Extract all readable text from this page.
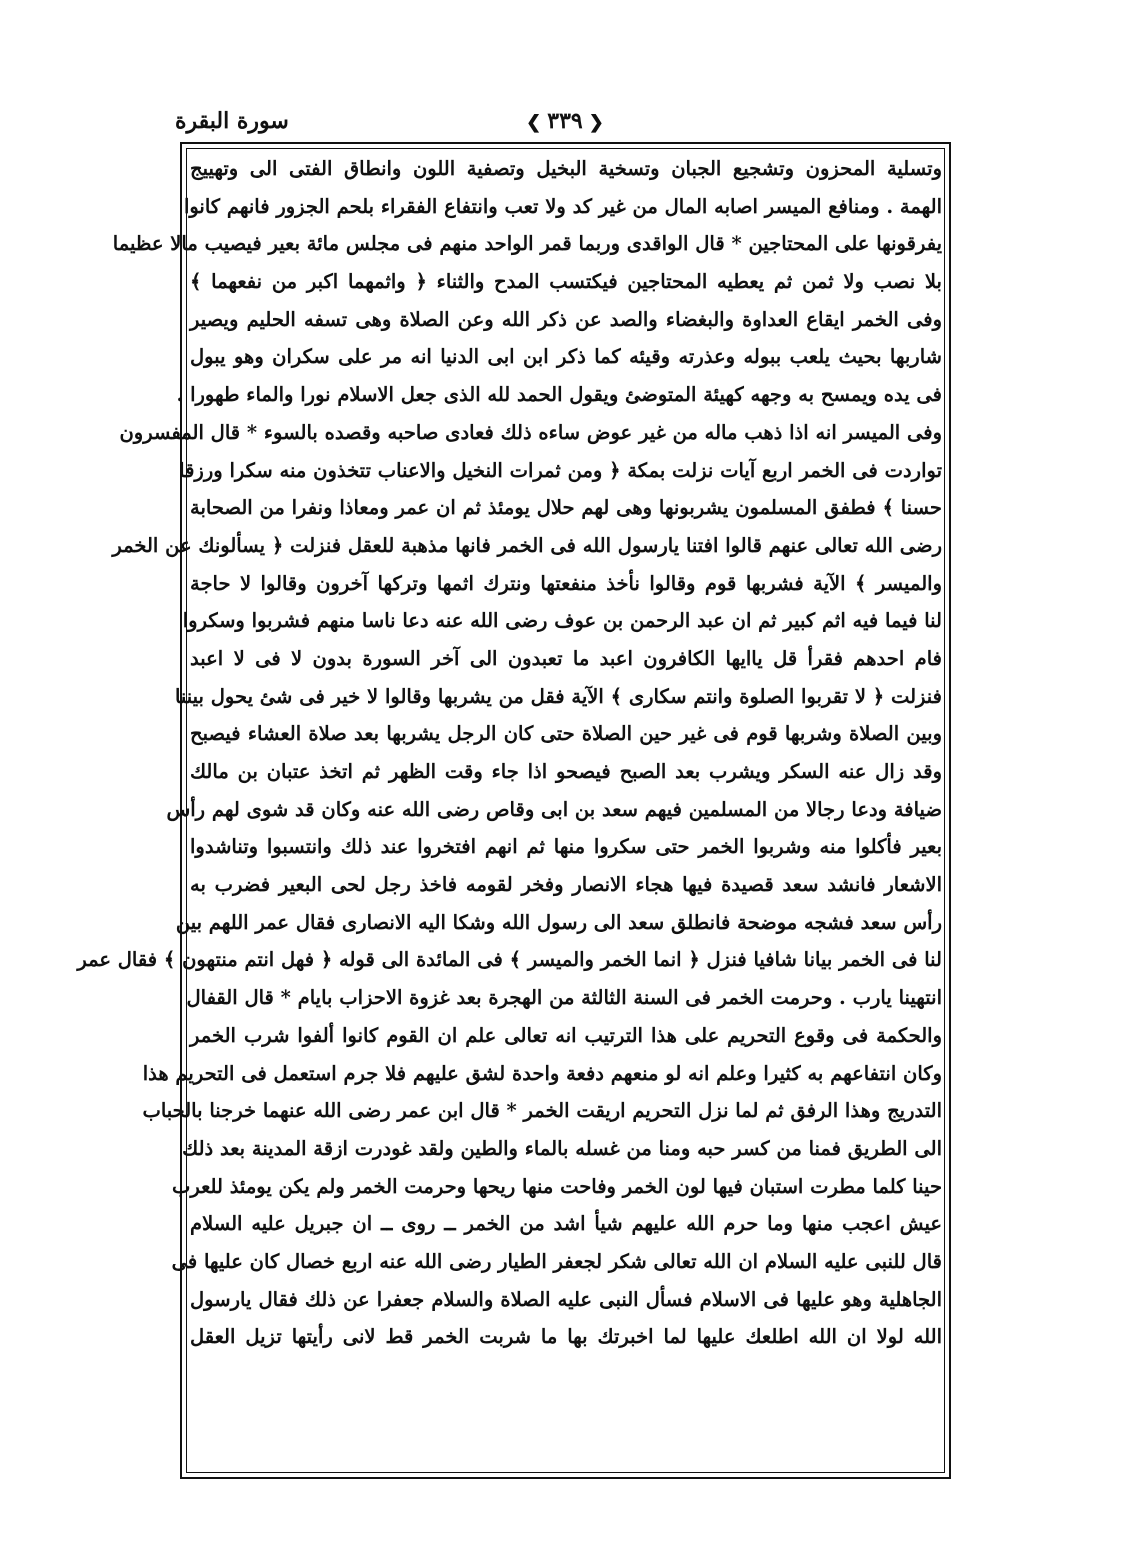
سورة البقرة	❮ ٣٣٩ ❯
وتسلية المحزون وتشجيع الجبان وتسخية البخيل وتصفية اللون وانطاق الفتى الى وتهييج
الهمة . ومنافع الميسر اصابه المال من غير كد ولا تعب وانتفاع الفقراء بلحم الجزور فانهم كانوا
يفرقونها على المحتاجين * قال الواقدى وربما قمر الواحد منهم فى مجلس مائة بعير فيصيب مالا عظيما
بلا نصب ولا ثمن ثم يعطيه المحتاجين فيكتسب المدح والثناء ﴿ واثمهما اكبر من نفعهما ﴾
وفى الخمر ايقاع العداوة والبغضاء والصد عن ذكر الله وعن الصلاة وهى تسفه الحليم ويصير
شاربها بحيث يلعب ببوله وعذرته وقيئه كما ذكر ابن ابى الدنيا انه مر على سكران وهو يبول
فى يده ويمسح به وجهه كهيئة المتوضئ ويقول الحمد لله الذى جعل الاسلام نورا والماء طهورا .
وفى الميسر انه اذا ذهب ماله من غير عوض ساءه ذلك فعادى صاحبه وقصده بالسوء * قال المفسرون
تواردت فى الخمر اربع آيات نزلت بمكة ﴿ ومن ثمرات النخيل والاعناب تتخذون منه سكرا ورزقا
حسنا ﴾ فطفق المسلمون يشربونها وهى لهم حلال يومئذ ثم ان عمر ومعاذا ونفرا من الصحابة
رضى الله تعالى عنهم قالوا افتنا يارسول الله فى الخمر فانها مذهبة للعقل فنزلت ﴿ يسألونك عن الخمر
والميسر ﴾ الآية فشربها قوم وقالوا نأخذ منفعتها ونترك اثمها وتركها آخرون وقالوا لا حاجة
لنا فيما فيه اثم كبير ثم ان عبد الرحمن بن عوف رضى الله عنه دعا ناسا منهم فشربوا وسكروا
فام احدهم فقرأ قل ياايها الكافرون اعبد ما تعبدون الى آخر السورة بدون لا فى لا اعبد
فنزلت ﴿ لا تقربوا الصلوة وانتم سكارى ﴾ الآية فقل من يشربها وقالوا لا خير فى شئ يحول بيننا
وبين الصلاة وشربها قوم فى غير حين الصلاة حتى كان الرجل يشربها بعد صلاة العشاء فيصبح
وقد زال عنه السكر ويشرب بعد الصبح فيصحو اذا جاء وقت الظهر ثم اتخذ عتبان بن مالك
ضيافة ودعا رجالا من المسلمين فيهم سعد بن ابى وقاص رضى الله عنه وكان قد شوى لهم رأس
بعير فأكلوا منه وشربوا الخمر حتى سكروا منها ثم انهم افتخروا عند ذلك وانتسبوا وتناشدوا
الاشعار فانشد سعد قصيدة فيها هجاء الانصار وفخر لقومه فاخذ رجل لحى البعير فضرب به
رأس سعد فشجه موضحة فانطلق سعد الى رسول الله وشكا اليه الانصارى فقال عمر اللهم بين
لنا فى الخمر بيانا شافيا فنزل ﴿ انما الخمر والميسر ﴾ فى المائدة الى قوله ﴿ فهل انتم منتهون ﴾ فقال عمر
انتهينا يارب . وحرمت الخمر فى السنة الثالثة من الهجرة بعد غزوة الاحزاب بايام * قال القفال
والحكمة فى وقوع التحريم على هذا الترتيب انه تعالى علم ان القوم كانوا ألفوا شرب الخمر
وكان انتفاعهم به كثيرا وعلم انه لو منعهم دفعة واحدة لشق عليهم فلا جرم استعمل فى التحريم هذا
التدريج وهذا الرفق ثم لما نزل التحريم اريقت الخمر * قال ابن عمر رضى الله عنهما خرجنا بالحباب
الى الطريق فمنا من كسر حبه ومنا من غسله بالماء والطين ولقد غودرت ازقة المدينة بعد ذلك
حينا كلما مطرت استبان فيها لون الخمر وفاحت منها ريحها وحرمت الخمر ولم يكن يومئذ للعرب
عيش اعجب منها وما حرم الله عليهم شيأ اشد من الخمر ــ روى ــ ان جبريل عليه السلام
قال للنبى عليه السلام ان الله تعالى شكر لجعفر الطيار رضى الله عنه اربع خصال كان عليها فى
الجاهلية وهو عليها فى الاسلام فسأل النبى عليه الصلاة والسلام جعفرا عن ذلك فقال يارسول
الله لولا ان الله اطلعك عليها لما اخبرتك بها ما شربت الخمر قط لانى رأيتها تزيل العقل
